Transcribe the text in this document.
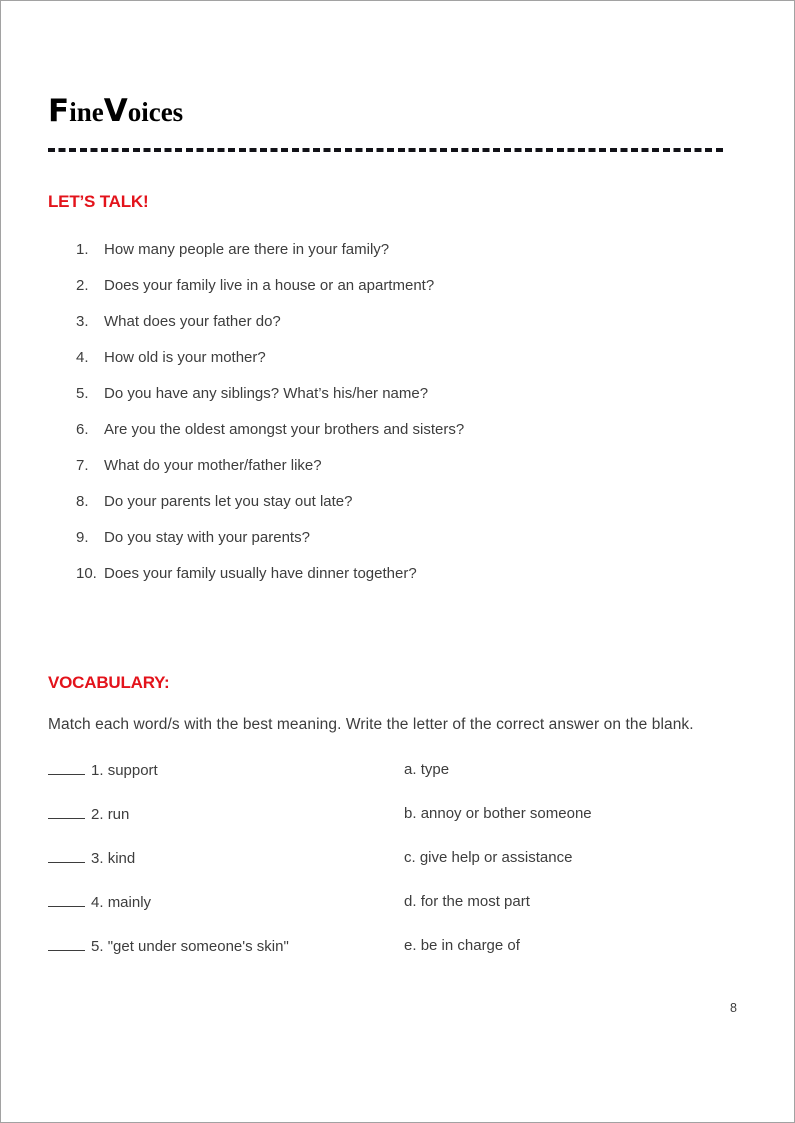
FineVoices
LET’S TALK!
1. How many people are there in your family?
2. Does your family live in a house or an apartment?
3. What does your father do?
4. How old is your mother?
5. Do you have any siblings? What’s his/her name?
6. Are you the oldest amongst your brothers and sisters?
7. What do your mother/father like?
8. Do your parents let you stay out late?
9. Do you stay with your parents?
10. Does your family usually have dinner together?
VOCABULARY:
Match each word/s with the best meaning. Write the letter of the correct answer on the blank.
1. support	a. type
2. run	b. annoy or bother someone
3. kind	c. give help or assistance
4. mainly	d. for the most part
5. "get under someone's skin"	e. be in charge of
8
